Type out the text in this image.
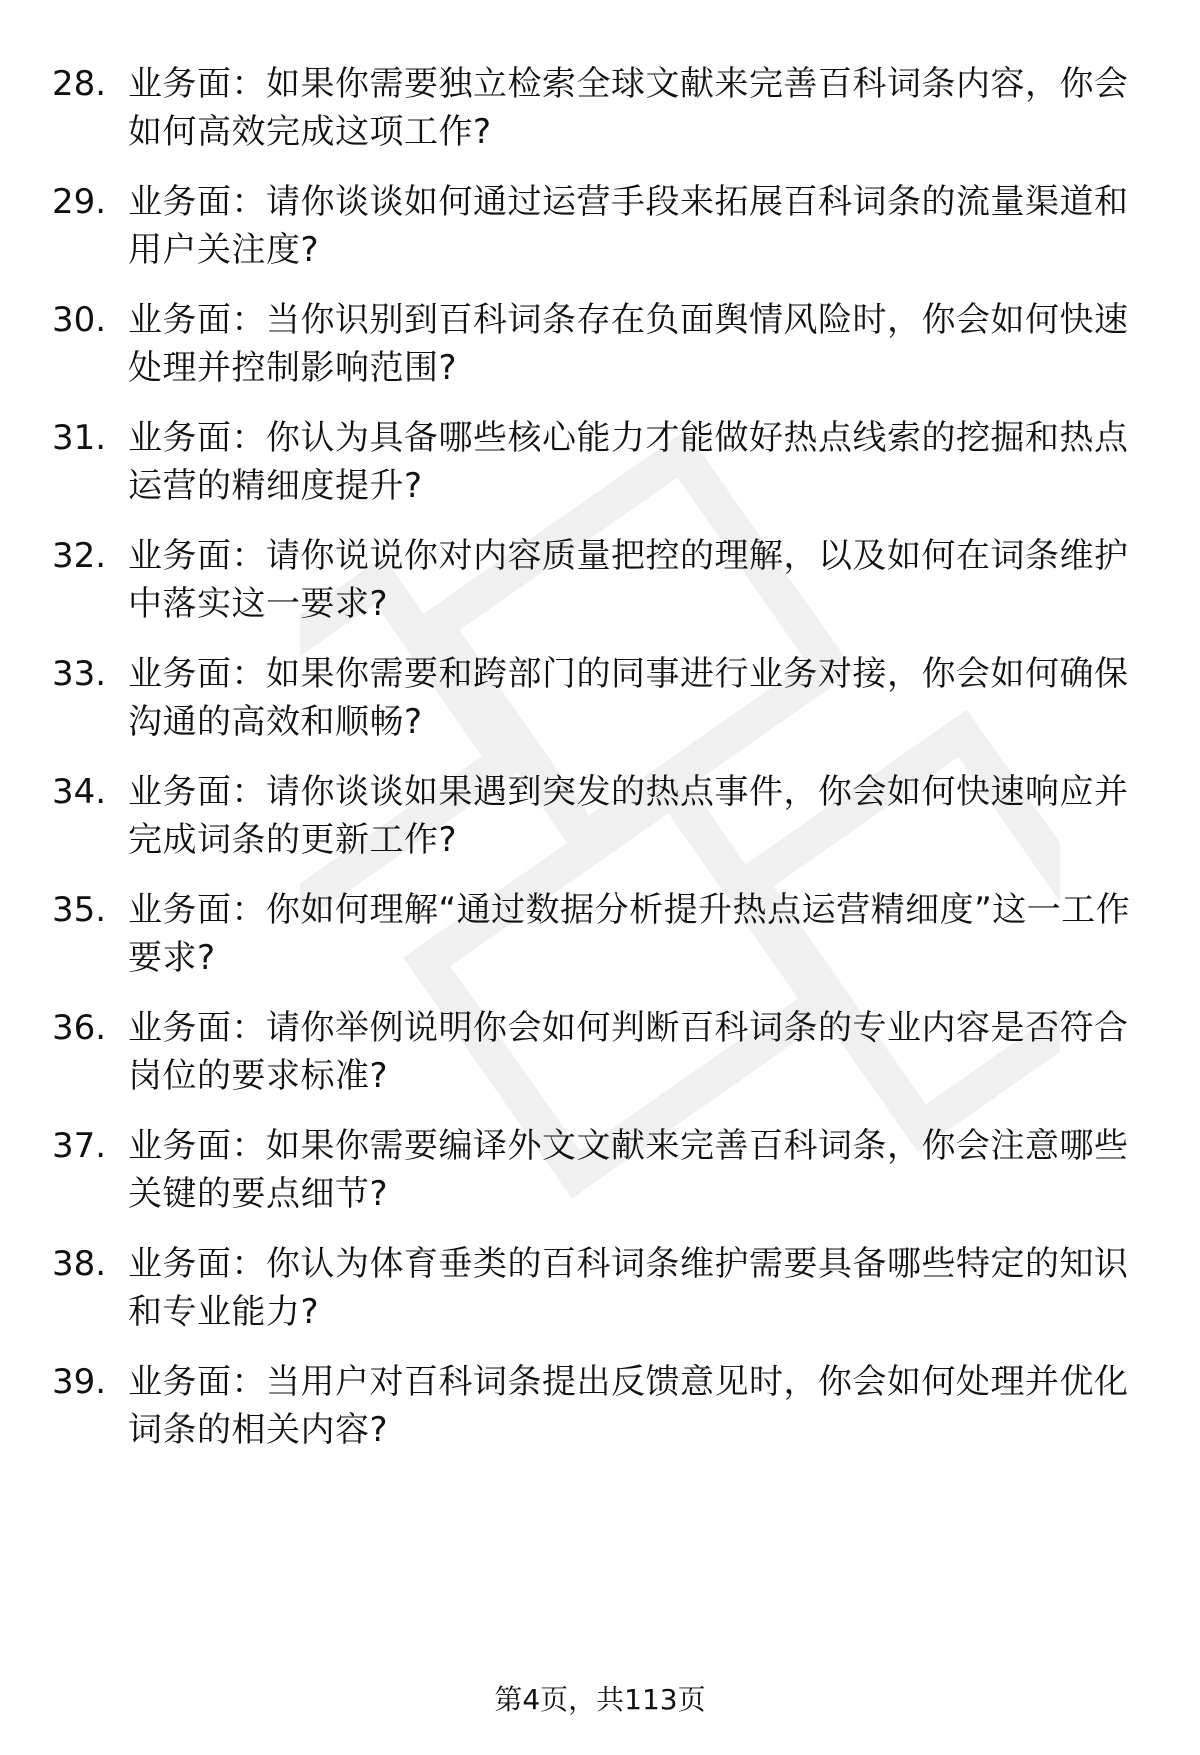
28. 业务面：如果你需要独立检索全球文献来完善百科词条内容，你会如何高效完成这项工作?
29. 业务面：请你谈谈如何通过运营手段来拓展百科词条的流量渠道和用户关注度?
30. 业务面：当你识别到百科词条存在负面舆情风险时，你会如何快速处理并控制影响范围?
31. 业务面：你认为具备哪些核心能力才能做好热点线索的挖掘和热点运营的精细度提升?
32. 业务面：请你说说你对内容质量把控的理解，以及如何在词条维护中落实这一要求?
33. 业务面：如果你需要和跨部门的同事进行业务对接，你会如何确保沟通的高效和顺畅?
34. 业务面：请你谈谈如果遇到突发的热点事件，你会如何快速响应并完成词条的更新工作?
35. 业务面：你如何理解“通过数据分析提升热点运营精细度”这一工作要求?
36. 业务面：请你举例说明你会如何判断百科词条的专业内容是否符合岗位的要求标准?
37. 业务面：如果你需要编译外文文献来完善百科词条，你会注意哪些关键的要点细节?
38. 业务面：你认为体育垂类的百科词条维护需要具备哪些特定的知识和专业能力?
39. 业务面：当用户对百科词条提出反馈意见时，你会如何处理并优化词条的相关内容?
第4页，共113页
